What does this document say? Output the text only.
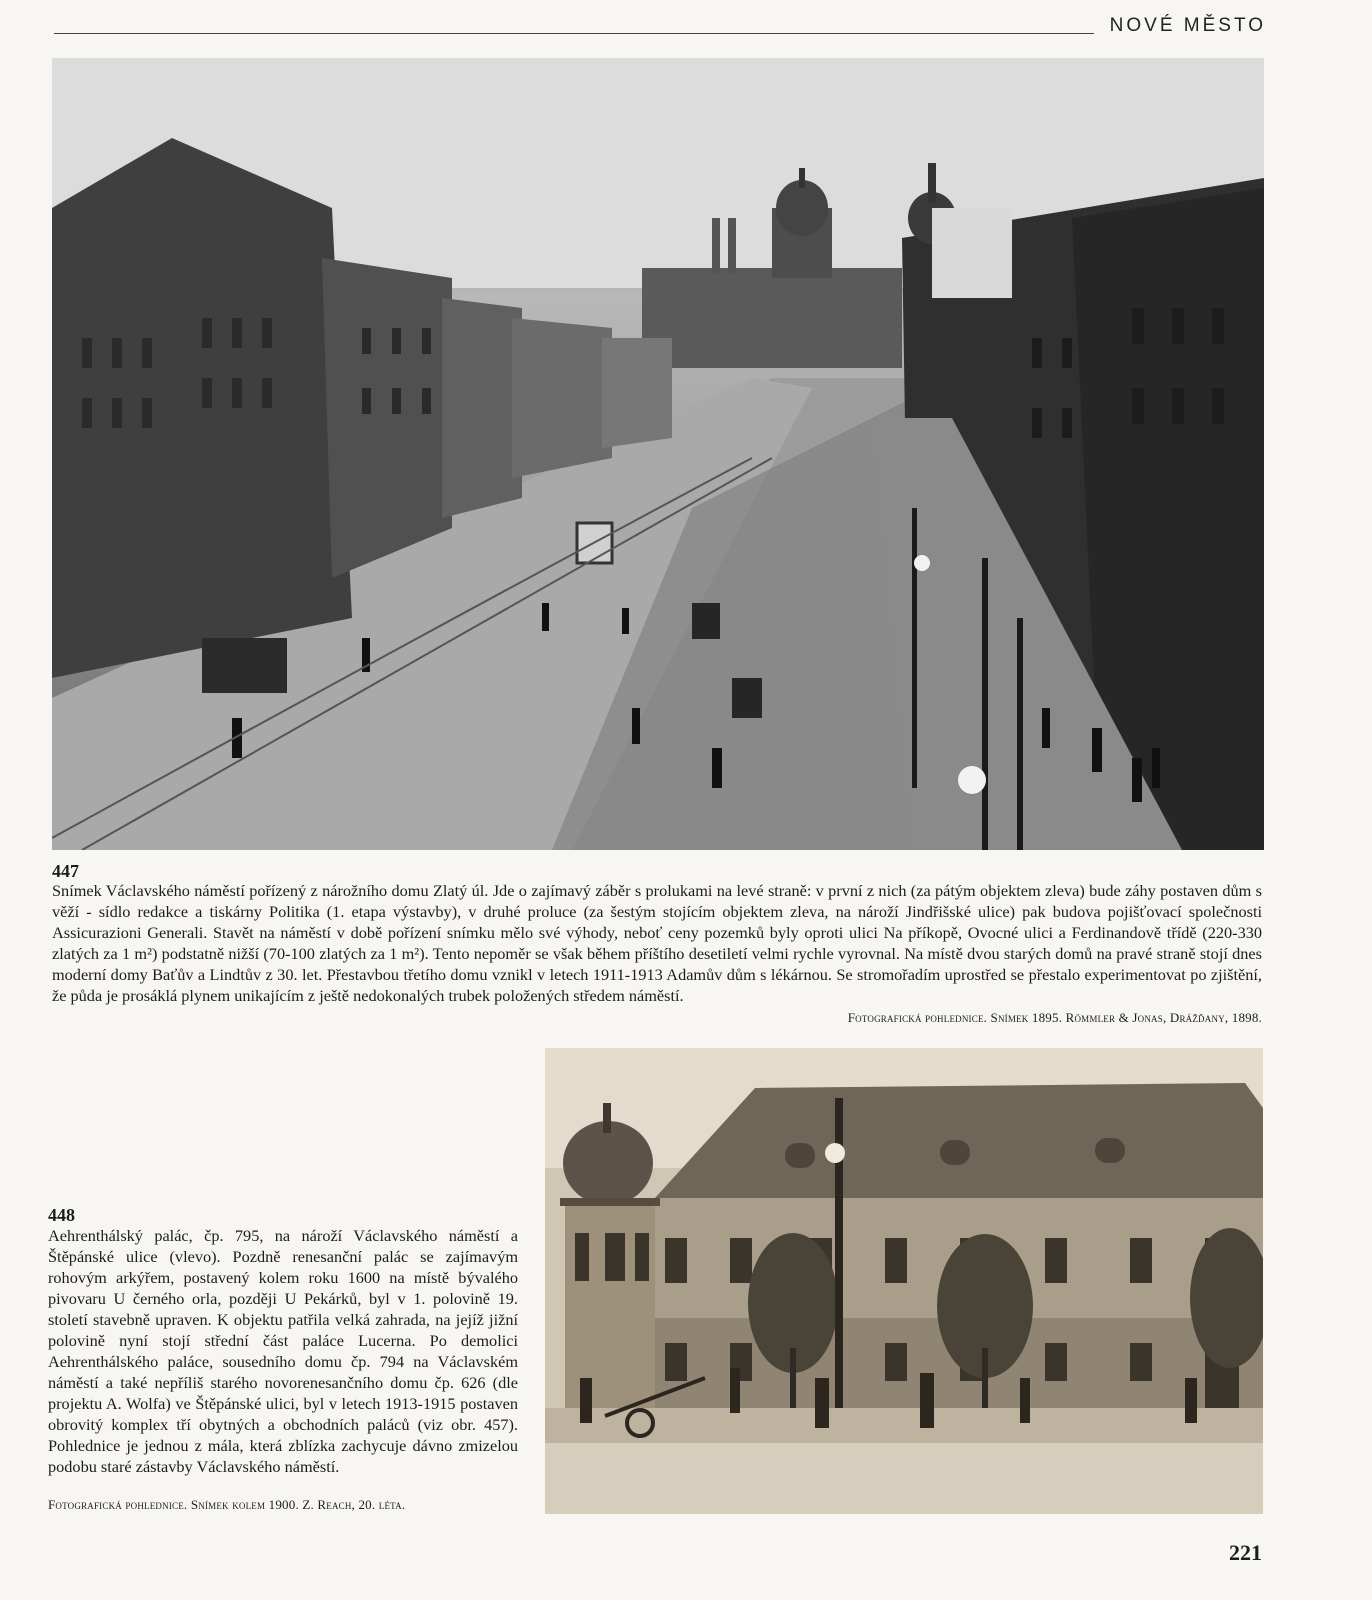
NOVÉ MĚSTO
447
Snímek Václavského náměstí pořízený z nárožního domu Zlatý úl. Jde o zajímavý záběr s prolukami na levé straně: v první z nich (za pátým objektem zleva) bude záhy postaven dům s věží - sídlo redakce a tiskárny Politika (1. etapa výstavby), v druhé proluce (za šestým stojícím objektem zleva, na nároží Jindřišské ulice) pak budova pojišťovací společnosti Assicurazioni Generali. Stavět na náměstí v době pořízení snímku mělo své výhody, neboť ceny pozemků byly oproti ulici Na příkopě, Ovocné ulici a Ferdinandově třídě (220-330 zlatých za 1 m²) podstatně nižší (70-100 zlatých za 1 m²). Tento nepoměr se však během příštího desetiletí velmi rychle vyrovnal. Na místě dvou starých domů na pravé straně stojí dnes moderní domy Baťův a Lindtův z 30. let. Přestavbou třetího domu vznikl v letech 1911-1913 Adamův dům s lékárnou. Se stromořadím uprostřed se přestalo experimentovat po zjištění, že půda je prosáklá plynem unikajícím z ještě nedokonalých trubek položených středem náměstí.
Fotografická pohlednice. Snímek 1895. Römmler & Jonas, Drážďany, 1898.
448
Aehrenthálský palác, čp. 795, na nároží Václavského náměstí a Štěpánské ulice (vlevo). Pozdně renesanční palác se zajímavým rohovým arkýřem, postavený kolem roku 1600 na místě bývalého pivovaru U černého orla, později U Pekárků, byl v 1. polovině 19. století stavebně upraven. K objektu patřila velká zahrada, na jejíž jižní polovině nyní stojí střední část paláce Lucerna. Po demolici Aehrenthálského paláce, sousedního domu čp. 794 na Václavském náměstí a také nepříliš starého novorenesančního domu čp. 626 (dle projektu A. Wolfa) ve Štěpánské ulici, byl v letech 1913-1915 postaven obrovitý komplex tří obytných a obchodních paláců (viz obr. 457). Pohlednice je jednou z mála, která zblízka zachycuje dávno zmizelou podobu staré zástavby Václavského náměstí.
Fotografická pohlednice. Snímek kolem 1900. Z. Reach, 20. léta.
221
